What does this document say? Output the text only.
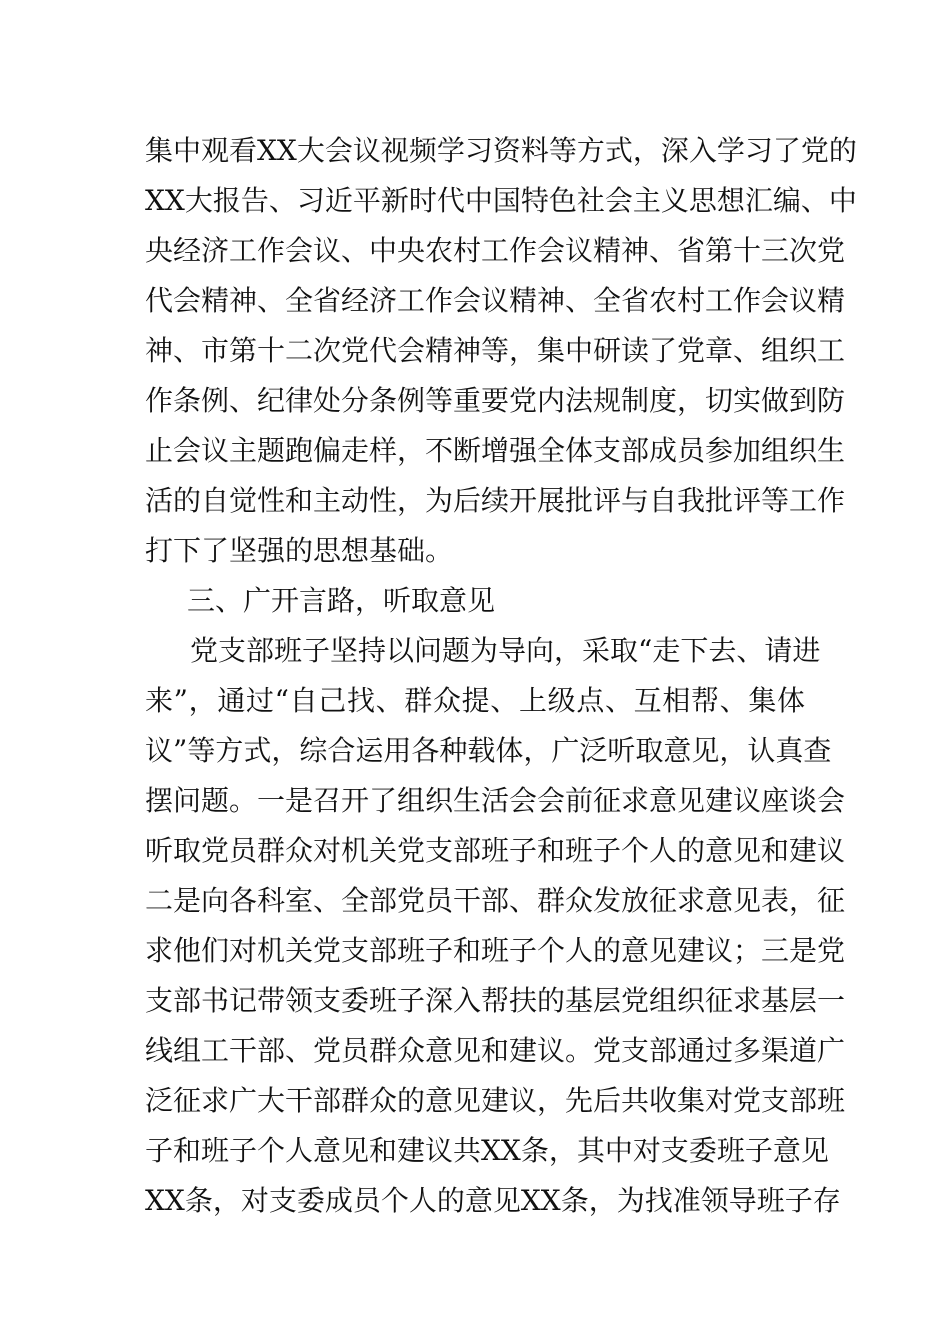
集中观看XX大会议视频学习资料等方式，深入学习了党的
XX大报告、习近平新时代中国特色社会主义思想汇编、中
央经济工作会议、中央农村工作会议精神、省第十三次党
代会精神、全省经济工作会议精神、全省农村工作会议精
神、市第十二次党代会精神等，集中研读了党章、组织工
作条例、纪律处分条例等重要党内法规制度，切实做到防
止会议主题跑偏走样，不断增强全体支部成员参加组织生
活的自觉性和主动性，为后续开展批评与自我批评等工作
打下了坚强的思想基础。
三、广开言路，听取意见
党支部班子坚持以问题为导向，采取“走下去、请进
来”，通过“自己找、群众提、上级点、互相帮、集体
议”等方式，综合运用各种载体，广泛听取意见，认真查
摆问题。一是召开了组织生活会会前征求意见建议座谈会
听取党员群众对机关党支部班子和班子个人的意见和建议
二是向各科室、全部党员干部、群众发放征求意见表，征
求他们对机关党支部班子和班子个人的意见建议；三是党
支部书记带领支委班子深入帮扶的基层党组织征求基层一
线组工干部、党员群众意见和建议。党支部通过多渠道广
泛征求广大干部群众的意见建议，先后共收集对党支部班
子和班子个人意见和建议共XX条，其中对支委班子意见
XX条，对支委成员个人的意见XX条，为找准领导班子存
